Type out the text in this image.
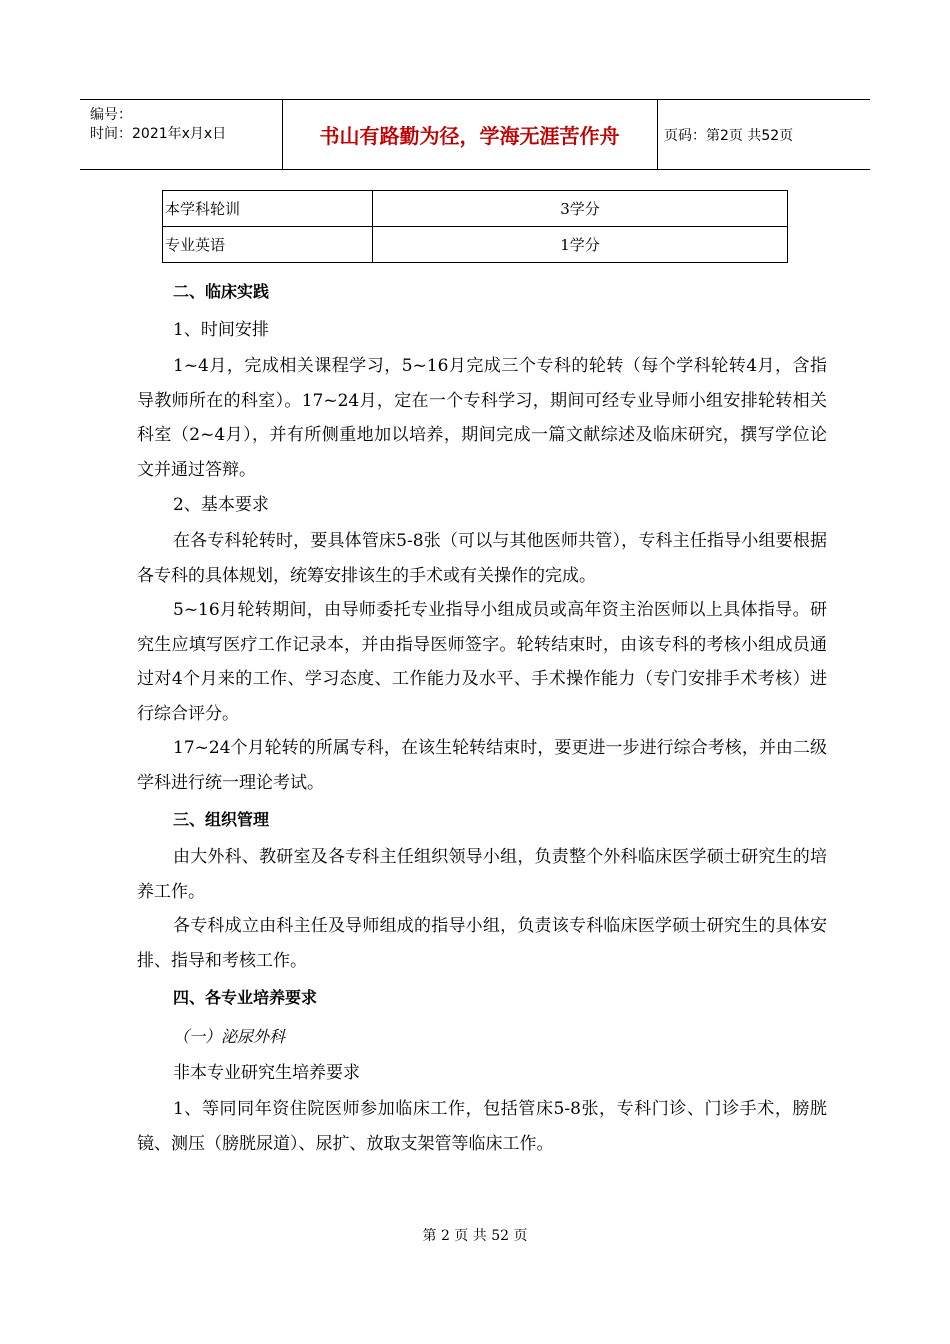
编号：
时间：2021年x月x日	书山有路勤为径，学海无涯苦作舟	页码：第2页 共52页
本学科轮训	3学分
专业英语	1学分

二、临床实践

1、时间安排

1~4月，完成相关课程学习，5~16月完成三个专科的轮转（每个学科轮转4月，含指导教师所在的科室）。17~24月，定在一个专科学习，期间可经专业导师小组安排轮转相关科室（2~4月），并有所侧重地加以培养，期间完成一篇文献综述及临床研究，撰写学位论文并通过答辩。

2、基本要求

在各专科轮转时，要具体管床5-8张（可以与其他医师共管），专科主任指导小组要根据各专科的具体规划，统筹安排该生的手术或有关操作的完成。

5~16月轮转期间，由导师委托专业指导小组成员或高年资主治医师以上具体指导。研究生应填写医疗工作记录本，并由指导医师签字。轮转结束时，由该专科的考核小组成员通过对4个月来的工作、学习态度、工作能力及水平、手术操作能力（专门安排手术考核）进行综合评分。

17~24个月轮转的所属专科，在该生轮转结束时，要更进一步进行综合考核，并由二级学科进行统一理论考试。

三、组织管理

由大外科、教研室及各专科主任组织领导小组，负责整个外科临床医学硕士研究生的培养工作。

各专科成立由科主任及导师组成的指导小组，负责该专科临床医学硕士研究生的具体安排、指导和考核工作。

四、各专业培养要求

（一）泌尿外科

非本专业研究生培养要求

1、等同同年资住院医师参加临床工作，包括管床5-8张，专科门诊、门诊手术，膀胱镜、测压（膀胱尿道）、尿扩、放取支架管等临床工作。

第 2 页 共 52 页
